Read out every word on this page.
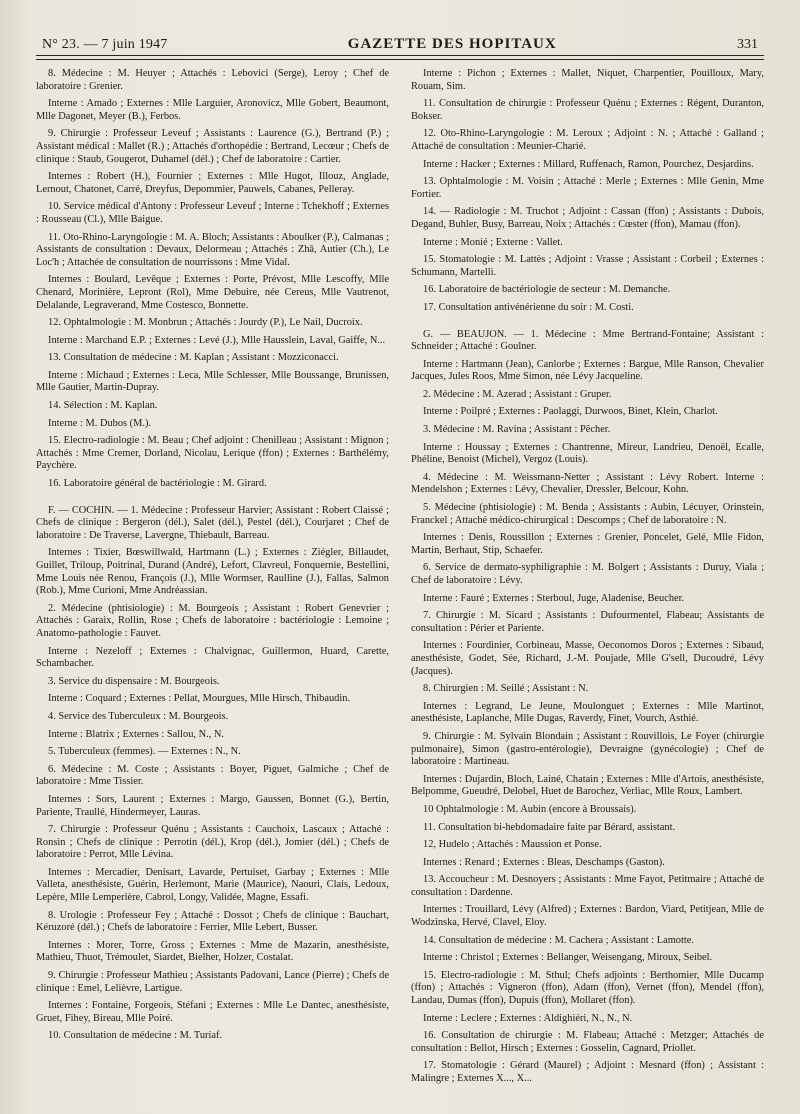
N° 23. — 7 juin 1947	GAZETTE DES HOPITAUX	331

8. Médecine : M. Heuyer ; Attachés : Lebovici (Serge), Leroy ; Chef de laboratoire : Grenier.

Interne : Amado ; Externes : Mlle Larguier, Aronovicz, Mlle Gobert, Beaumont, Mlle Dagonet, Meyer (B.), Ferbos.

9. Chirurgie : Professeur Leveuf ; Assistants : Laurence (G.), Bertrand (P.) ; Assistant médical : Mallet (R.) ; Attachés d'orthopédie : Bertrand, Lecœur ; Chefs de clinique : Staub, Gougerot, Duhamel (dél.) ; Chef de laboratoire : Cartier.

Internes : Robert (H.), Fournier ; Externes : Mlle Hugot, Illouz, Anglade, Lernout, Chatonet, Carré, Dreyfus, Depommier, Pauwels, Cabanes, Pelleray.

10. Service médical d'Antony : Professeur Leveuf ; Interne : Tchekhoff ; Externes : Rousseau (Cl.), Mlle Baigue.

11. Oto-Rhino-Laryngologie : M. A. Bloch; Assistants : Aboulker (P.), Calmanas ; Assistants de consultation : Devaux, Delormeau ; Attachés : Zhâ, Autier (Ch.), Le Loc'h ; Attachée de consultation de nourrissons : Mme Vidal.

Internes : Boulard, Levêque ; Externes : Porte, Prévost, Mlle Lescoffy, Mlle Chenard, Morinière, Lepront (Rol), Mme Debuire, née Cereus, Mlle Vautrenot, Delalande, Legraverand, Mme Costesco, Bonnette.

12. Ophtalmologie : M. Monbrun ; Attachés : Jourdy (P.), Le Nail, Ducroix.

Interne : Marchand E.P. ; Externes : Levé (J.), Mlle Hausslein, Laval, Gaiffe, N...

13. Consultation de médecine : M. Kaplan ; Assistant : Mozziconacci.

Interne : Michaud ; Externes : Leca, Mlle Schlesser, Mlle Boussange, Brunissen, Mlle Gautier, Martin-Dupray.

14. Sélection : M. Kaplan.

Interne : M. Dubos (M.).

15. Electro-radiologie : M. Beau ; Chef adjoint : Chenilleau ; Assistant : Mignon ; Attachés : Mme Cremer, Dorland, Nicolau, Lerique (ffon) ; Externes : Barthélémy, Paychère.

16. Laboratoire général de bactériologie : M. Girard.

F. — COCHIN. — 1. Médecine : Professeur Harvier; Assistant : Robert Claissé ; Chefs de clinique : Bergeron (dél.), Salet (dél.), Pestel (dél.), Courjaret ; Chef de laboratoire : De Traverse, Lavergne, Thiebault, Barreau.

Internes : Tixier, Bœswillwald, Hartmann (L.) ; Externes : Ziégler, Billaudet, Guillet, Triloup, Poitrinal, Durand (André), Lefort, Clavreul, Fonquernie, Bestellini, Mme Louis née Renou, François (J.), Mlle Wormser, Raulline (J.), Fallas, Salmon (Rob.), Mme Curioni, Mme Andréassian.

2. Médecine (phtisiologie) : M. Bourgeois ; Assistant : Robert Genevrier ; Attachés : Garaix, Rollin, Rose ; Chefs de laboratoire : bactériologie : Lemoine ; Anatomo-pathologie : Fauvet.

Interne : Nezeloff ; Externes : Chalvignac, Guillermon, Huard, Carette, Schambacher.

3. Service du dispensaire : M. Bourgeois.

Interne : Coquard ; Externes : Pellat, Mourgues, Mlle Hirsch, Thibaudin.

4. Service des Tuberculeux : M. Bourgeois.

Interne : Blatrix ; Externes : Sallou, N., N.

5. Tuberculeux (femmes). — Externes : N., N.

6. Médecine : M. Coste ; Assistants : Boyer, Piguet, Galmiche ; Chef de laboratoire : Mme Tissier.

Internes : Sors, Laurent ; Externes : Margo, Gaussen, Bonnet (G.), Bertin, Pariente, Traullé, Hindermeyer, Lauras.

7. Chirurgie : Professeur Quénu ; Assistants : Cauchoix, Lascaux ; Attaché : Ronsin ; Chefs de clinique : Perrotin (dél.), Krop (dél.), Jomier (dél.) ; Chefs de laboratoire : Perrot, Mlle Lévina.

Internes : Mercadier, Denisart, Lavarde, Pertuiset, Garbay ; Externes : Mlle Valleta, anesthésiste, Guérin, Herlemont, Marie (Maurice), Naouri, Clais, Ledoux, Lepère, Mlle Lemperière, Cabrol, Longy, Validée, Magne, Essafi.

8. Urologie : Professeur Fey ; Attaché : Dossot ; Chefs de clinique : Bauchart, Kéruzoré (dél.) ; Chefs de laboratoire : Ferrier, Mlle Lebert, Busser.

Internes : Morer, Torre, Gross ; Externes : Mme de Mazarin, anesthésiste, Mathieu, Thuot, Trémoulet, Siardet, Bielher, Holzer, Costalat.

9. Chirurgie : Professeur Mathieu ; Assistants Padovani, Lance (Pierre) ; Chefs de clinique : Emel, Lelièvre, Lartigue.

Internes : Fontaine, Forgeois, Stéfani ; Externes : Mlle Le Dantec, anesthésiste, Gruet, Fihey, Bireau, Mlle Poiré.

10. Consultation de médecine : M. Turiaf.

Interne : Pichon ; Externes : Mallet, Niquet, Charpentier, Pouilloux, Mary, Rouam, Sim.

11. Consultation de chirurgie : Professeur Quénu ; Externes : Régent, Duranton, Bokser.

12. Oto-Rhino-Laryngologie : M. Leroux ; Adjoint : N. ; Attaché : Galland ; Attaché de consultation : Meunier-Charié.

Interne : Hacker ; Externes : Millard, Ruffenach, Ramon, Pourchez, Desjardins.

13. Ophtalmologie : M. Voisin ; Attaché : Merle ; Externes : Mlle Genin, Mme Fortier.

14. — Radiologie : M. Truchot ; Adjoint : Cassan (ffon) ; Assistants : Dubois, Degand, Buhler, Busy, Barreau, Noix ; Attachés : Cœster (ffon), Mamau (ffon).

Interne : Monié ; Externe : Vallet.

15. Stomatologie : M. Lattès ; Adjoint : Vrasse ; Assistant : Corbeil ; Externes : Schumann, Martelli.

16. Laboratoire de bactériologie de secteur : M. Demanche.

17. Consultation antivénérienne du soir : M. Costi.

G. — BEAUJON. — 1. Médecine : Mme Bertrand-Fontaine; Assistant : Schneider ; Attaché : Goulner.

Interne : Hartmann (Jean), Canlorbe ; Externes : Bargue, Mlle Ranson, Chevalier Jacques, Jules Roos, Mme Simon, née Lévy Jacqueline.

2. Médecine : M. Azerad ; Assistant : Gruper.

Interne : Poilpré ; Externes : Paolaggi, Durwoos, Binet, Klein, Charlot.

3. Médecine : M. Ravina ; Assistant : Pêcher.

Interne : Houssay ; Externes : Chantrenne, Mireur, Landrieu, Denoël, Ecalle, Phéline, Benoist (Michel), Vergoz (Louis).

4. Médecine : M. Weissmann-Netter ; Assistant : Lévy Robert. Interne : Mendelshon ; Externes : Lévy, Chevalier, Dressler, Belcour, Kohn.

5. Médecine (phtisiologie) : M. Benda ; Assistants : Aubin, Lécuyer, Orinstein, Franckel ; Attaché médico-chirurgical : Descomps ; Chef de laboratoire : N.

Internes : Denis, Roussillon ; Externes : Grenier, Poncelet, Gelé, Mlle Fidon, Martin, Berhaut, Stip, Schaefer.

6. Service de dermato-syphiligraphie : M. Bolgert ; Assistants : Duruy, Viala ; Chef de laboratoire : Lévy.

Interne : Fauré ; Externes : Sterboul, Juge, Aladenise, Beucher.

7. Chirurgie : M. Sicard ; Assistants : Dufourmentel, Flabeau; Assistants de consultation : Périer et Pariente.

Internes : Fourdinier, Corbineau, Masse, Oeconomos Doros ; Externes : Sibaud, anesthésiste, Godet, Sée, Richard, J.-M. Poujade, Mlle G'sell, Ducoudré, Lévy (Jacques).

8. Chirurgien : M. Seillé ; Assistant : N.

Internes : Legrand, Le Jeune, Moulonguet ; Externes : Mlle Martinot, anesthésiste, Laplanche, Mlle Dugas, Raverdy, Finet, Vourch, Asthié.

9. Chirurgie : M. Sylvain Blondain ; Assistant : Rouvillois, Le Foyer (chirurgie pulmonaire), Simon (gastro-entérologie), Devraigne (gynécologie) ; Chef de laboratoire : Martineau.

Internes : Dujardin, Bloch, Lainé, Chatain ; Externes : Mlle d'Artois, anesthésiste, Belpomme, Gueudré, Delobel, Huet de Barochez, Verliac, Mlle Roux, Lambert.

10 Ophtalmologie : M. Aubin (encore à Broussais).

11. Consultation bi-hebdomadaire faite par Bérard, assistant.

12, Hudelo ; Attachés : Maussion et Ponse.

Internes : Renard ; Externes : Bleas, Deschamps (Gaston).

13. Accoucheur : M. Desnoyers ; Assistants : Mme Fayot, Petitmaire ; Attaché de consultation : Dardenne.

Internes : Trouillard, Lévy (Alfred) ; Externes : Bardon, Viard, Petitjean, Mlle de Wodzinska, Hervé, Clavel, Eloy.

14. Consultation de médecine : M. Cachera ; Assistant : Lamotte.

Interne : Christol ; Externes : Bellanger, Weisengang, Miroux, Seibel.

15. Electro-radiologie : M. Sthul; Chefs adjoints : Berthomier, Mlle Ducamp (ffon) ; Attachés : Vigneron (ffon), Adam (ffon), Vernet (ffon), Mendel (ffon), Landau, Dumas (ffon), Dupuis (ffon), Mollaret (ffon).

Interne : Leclere ; Externes : Aldighiéri, N., N., N.

16. Consultation de chirurgie : M. Flabeau; Attaché : Metzger; Attachés de consultation : Bellot, Hirsch ; Externes : Gosselin, Cagnard, Priollet.

17. Stomatologie : Gérard (Maurel) ; Adjoint : Mesnard (ffon) ; Assistant : Malingre ; Externes X..., X...
